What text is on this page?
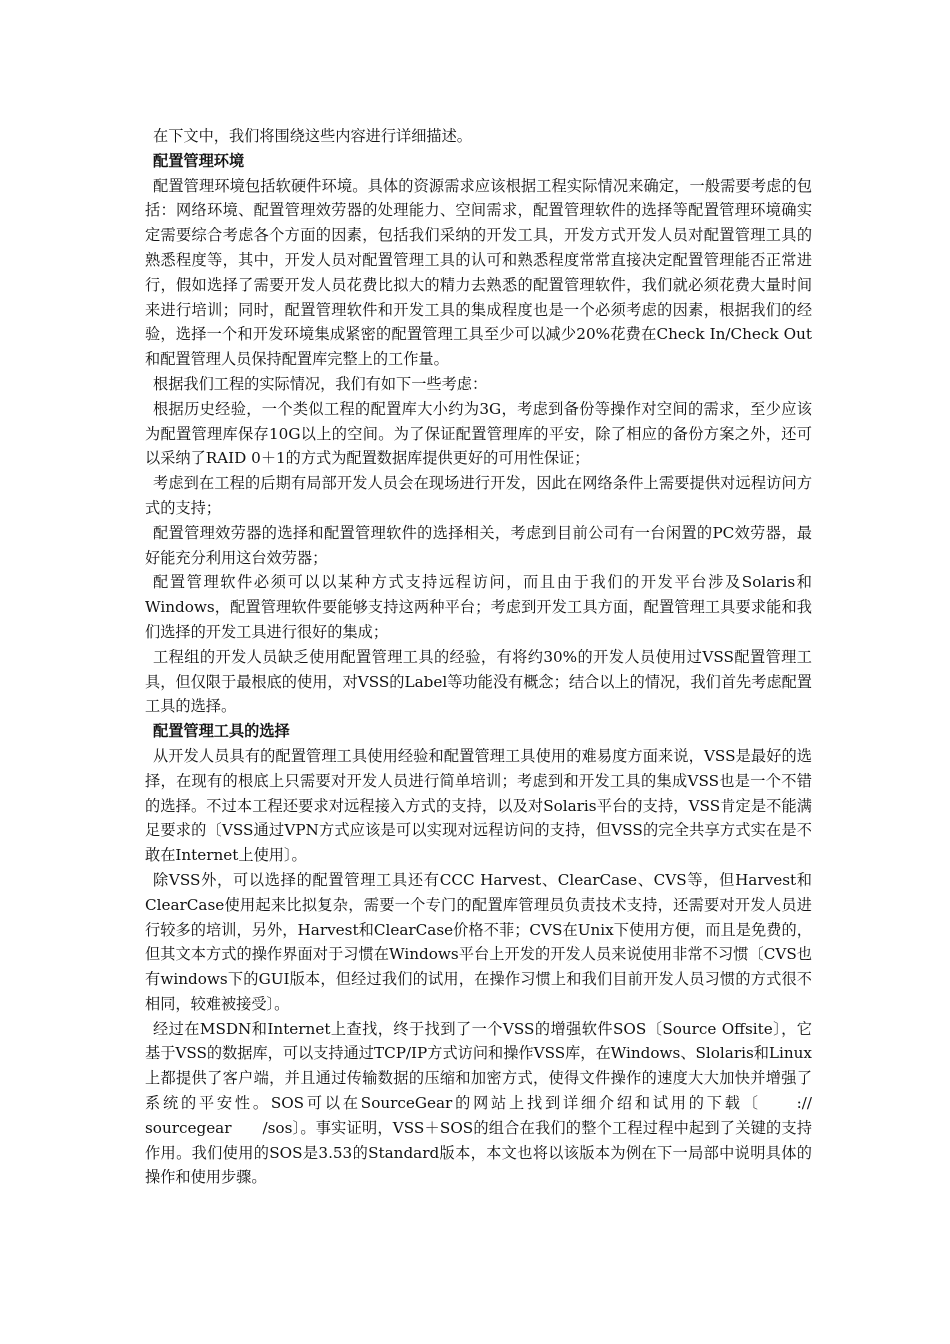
在下文中，我们将围绕这些内容进行详细描述。

配置管理环境

配置管理环境包括软硬件环境。具体的资源需求应该根据工程实际情况来确定，一般需要考虑的包括：网络环境、配置管理效劳器的处理能力、空间需求，配置管理软件的选择等配置管理环境确实定需要综合考虑各个方面的因素，包括我们采纳的开发工具，开发方式开发人员对配置管理工具的熟悉程度等，其中，开发人员对配置管理工具的认可和熟悉程度常常直接决定配置管理能否正常进行，假如选择了需要开发人员花费比拟大的精力去熟悉的配置管理软件，我们就必须花费大量时间来进行培训；同时，配置管理软件和开发工具的集成程度也是一个必须考虑的因素，根据我们的经验，选择一个和开发环境集成紧密的配置管理工具至少可以减少20%花费在Check In/Check Out和配置管理人员保持配置库完整上的工作量。

根据我们工程的实际情况，我们有如下一些考虑：

根据历史经验，一个类似工程的配置库大小约为3G，考虑到备份等操作对空间的需求，至少应该为配置管理库保存10G以上的空间。为了保证配置管理库的平安，除了相应的备份方案之外，还可以采纳了RAID 0＋1的方式为配置数据库提供更好的可用性保证；

考虑到在工程的后期有局部开发人员会在现场进行开发，因此在网络条件上需要提供对远程访问方式的支持；

配置管理效劳器的选择和配置管理软件的选择相关，考虑到目前公司有一台闲置的PC效劳器，最好能充分利用这台效劳器；

配置管理软件必须可以以某种方式支持远程访问，而且由于我们的开发平台涉及Solaris和Windows，配置管理软件要能够支持这两种平台；考虑到开发工具方面，配置管理工具要求能和我们选择的开发工具进行很好的集成；

工程组的开发人员缺乏使用配置管理工具的经验，有将约30%的开发人员使用过VSS配置管理工具，但仅限于最根底的使用，对VSS的Label等功能没有概念；结合以上的情况，我们首先考虑配置工具的选择。

配置管理工具的选择

从开发人员具有的配置管理工具使用经验和配置管理工具使用的难易度方面来说，VSS是最好的选择，在现有的根底上只需要对开发人员进行简单培训；考虑到和开发工具的集成VSS也是一个不错的选择。不过本工程还要求对远程接入方式的支持，以及对Solaris平台的支持，VSS肯定是不能满足要求的〔VSS通过VPN方式应该是可以实现对远程访问的支持，但VSS的完全共享方式实在是不敢在Internet上使用〕。

除VSS外，可以选择的配置管理工具还有CCC Harvest、ClearCase、CVS等，但Harvest和ClearCase使用起来比拟复杂，需要一个专门的配置库管理员负责技术支持，还需要对开发人员进行较多的培训，另外，Harvest和ClearCase价格不菲；CVS在Unix下使用方便，而且是免费的，但其文本方式的操作界面对于习惯在Windows平台上开发的开发人员来说使用非常不习惯〔CVS也有windows下的GUI版本，但经过我们的试用，在操作习惯上和我们目前开发人员习惯的方式很不相同，较难被接受〕。

经过在MSDN和Internet上查找，终于找到了一个VSS的增强软件SOS〔Source Offsite〕，它基于VSS的数据库，可以支持通过TCP/IP方式访问和操作VSS库，在Windows、Slolaris和Linux上都提供了客户端，并且通过传输数据的压缩和加密方式，使得文件操作的速度大大加快并增强了系统的平安性。SOS可以在SourceGear的网站上找到详细介绍和试用的下载〔　　://　　sourcegear　　/sos〕。事实证明，VSS＋SOS的组合在我们的整个工程过程中起到了关键的支持作用。我们使用的SOS是3.53的Standard版本，本文也将以该版本为例在下一局部中说明具体的操作和使用步骤。
